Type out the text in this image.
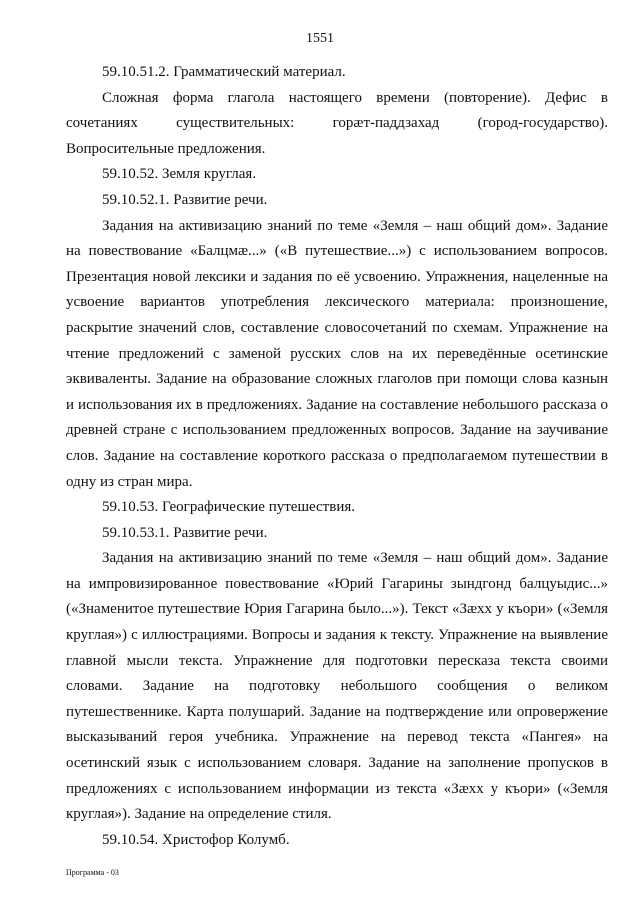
1551

59.10.51.2. Грамматический материал.

Сложная форма глагола настоящего времени (повторение). Дефис в сочетаниях существительных: горæт-паддзахад (город-государство). Вопросительные предложения.

59.10.52. Земля круглая.

59.10.52.1. Развитие речи.

Задания на активизацию знаний по теме «Земля – наш общий дом». Задание на повествование «Балцмæ...» («В путешествие...») с использованием вопросов. Презентация новой лексики и задания по её усвоению. Упражнения, нацеленные на усвоение вариантов употребления лексического материала: произношение, раскрытие значений слов, составление словосочетаний по схемам. Упражнение на чтение предложений с заменой русских слов на их переведённые осетинские эквиваленты. Задание на образование сложных глаголов при помощи слова казнын и использования их в предложениях. Задание на составление небольшого рассказа о древней стране с использованием предложенных вопросов. Задание на заучивание слов. Задание на составление короткого рассказа о предполагаемом путешествии в одну из стран мира.

59.10.53. Географические путешествия.

59.10.53.1. Развитие речи.

Задания на активизацию знаний по теме «Земля – наш общий дом». Задание на импровизированное повествование «Юрий Гагарины зындгонд балцуыдис...» («Знаменитое путешествие Юрия Гагарина было...»). Текст «Зæхх у къори» («Земля круглая») с иллюстрациями. Вопросы и задания к тексту. Упражнение на выявление главной мысли текста. Упражнение для подготовки пересказа текста своими словами. Задание на подготовку небольшого сообщения о великом путешественнике. Карта полушарий. Задание на подтверждение или опровержение высказываний героя учебника. Упражнение на перевод текста «Пангея» на осетинский язык с использованием словаря. Задание на заполнение пропусков в предложениях с использованием информации из текста «Зæхх у къори» («Земля круглая»). Задание на определение стиля.

59.10.54. Христофор Колумб.

Программа - 03
